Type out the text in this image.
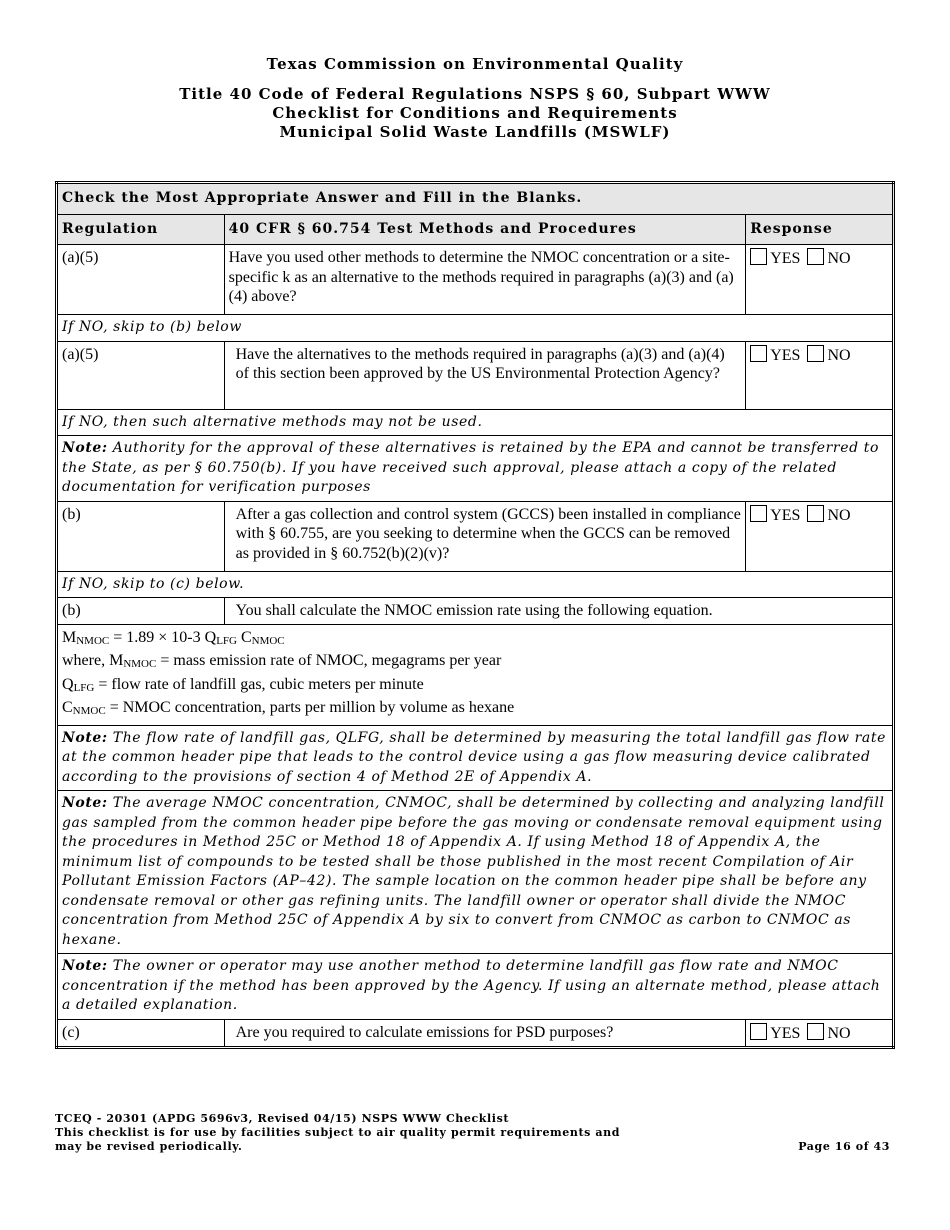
Texas Commission on Environmental Quality
Title 40 Code of Federal Regulations NSPS § 60, Subpart WWW
Checklist for Conditions and Requirements
Municipal Solid Waste Landfills (MSWLF)
Check the Most Appropriate Answer and Fill in the Blanks.		
Regulation	40 CFR § 60.754 Test Methods and Procedures	Response
(a)(5)	Have you used other methods to determine the NMOC concentration or a site-specific k as an alternative to the methods required in paragraphs (a)(3) and (a)(4) above?	YES NO
If NO, skip to (b) below		
(a)(5)	Have the alternatives to the methods required in paragraphs (a)(3) and (a)(4) of this section been approved by the US Environmental Protection Agency?	YES NO
If NO, then such alternative methods may not be used.		
Note: Authority for the approval of these alternatives is retained by the EPA and cannot be transferred to the State, as per § 60.750(b). If you have received such approval, please attach a copy of the related documentation for verification purposes		
(b)	After a gas collection and control system (GCCS) been installed in compliance with § 60.755, are you seeking to determine when the GCCS can be removed as provided in § 60.752(b)(2)(v)?	YES NO
If NO, skip to (c) below.		
(b)	You shall calculate the NMOC emission rate using the following equation.	

MNMOC = 1.89 × 10-3 QLFG CNMOC
where, MNMOC = mass emission rate of NMOC, megagrams per year
QLFG = flow rate of landfill gas, cubic meters per minute
CNMOC = NMOC concentration, parts per million by volume as hexane		

Note: The flow rate of landfill gas, QLFG, shall be determined by measuring the total landfill gas flow rate at the common header pipe that leads to the control device using a gas flow measuring device calibrated according to the provisions of section 4 of Method 2E of Appendix A.		
Note: The average NMOC concentration, CNMOC, shall be determined by collecting and analyzing landfill gas sampled from the common header pipe before the gas moving or condensate removal equipment using the procedures in Method 25C or Method 18 of Appendix A. If using Method 18 of Appendix A, the minimum list of compounds to be tested shall be those published in the most recent Compilation of Air Pollutant Emission Factors (AP–42). The sample location on the common header pipe shall be before any condensate removal or other gas refining units. The landfill owner or operator shall divide the NMOC concentration from Method 25C of Appendix A by six to convert from CNMOC as carbon to CNMOC as hexane.		
Note: The owner or operator may use another method to determine landfill gas flow rate and NMOC concentration if the method has been approved by the Agency. If using an alternate method, please attach a detailed explanation.		
(c)	Are you required to calculate emissions for PSD purposes?	YES NO
TCEQ - 20301 (APDG 5696v3, Revised 04/15) NSPS WWW Checklist
This checklist is for use by facilities subject to air quality permit requirements and
may be revised periodically.	Page 16 of 43
